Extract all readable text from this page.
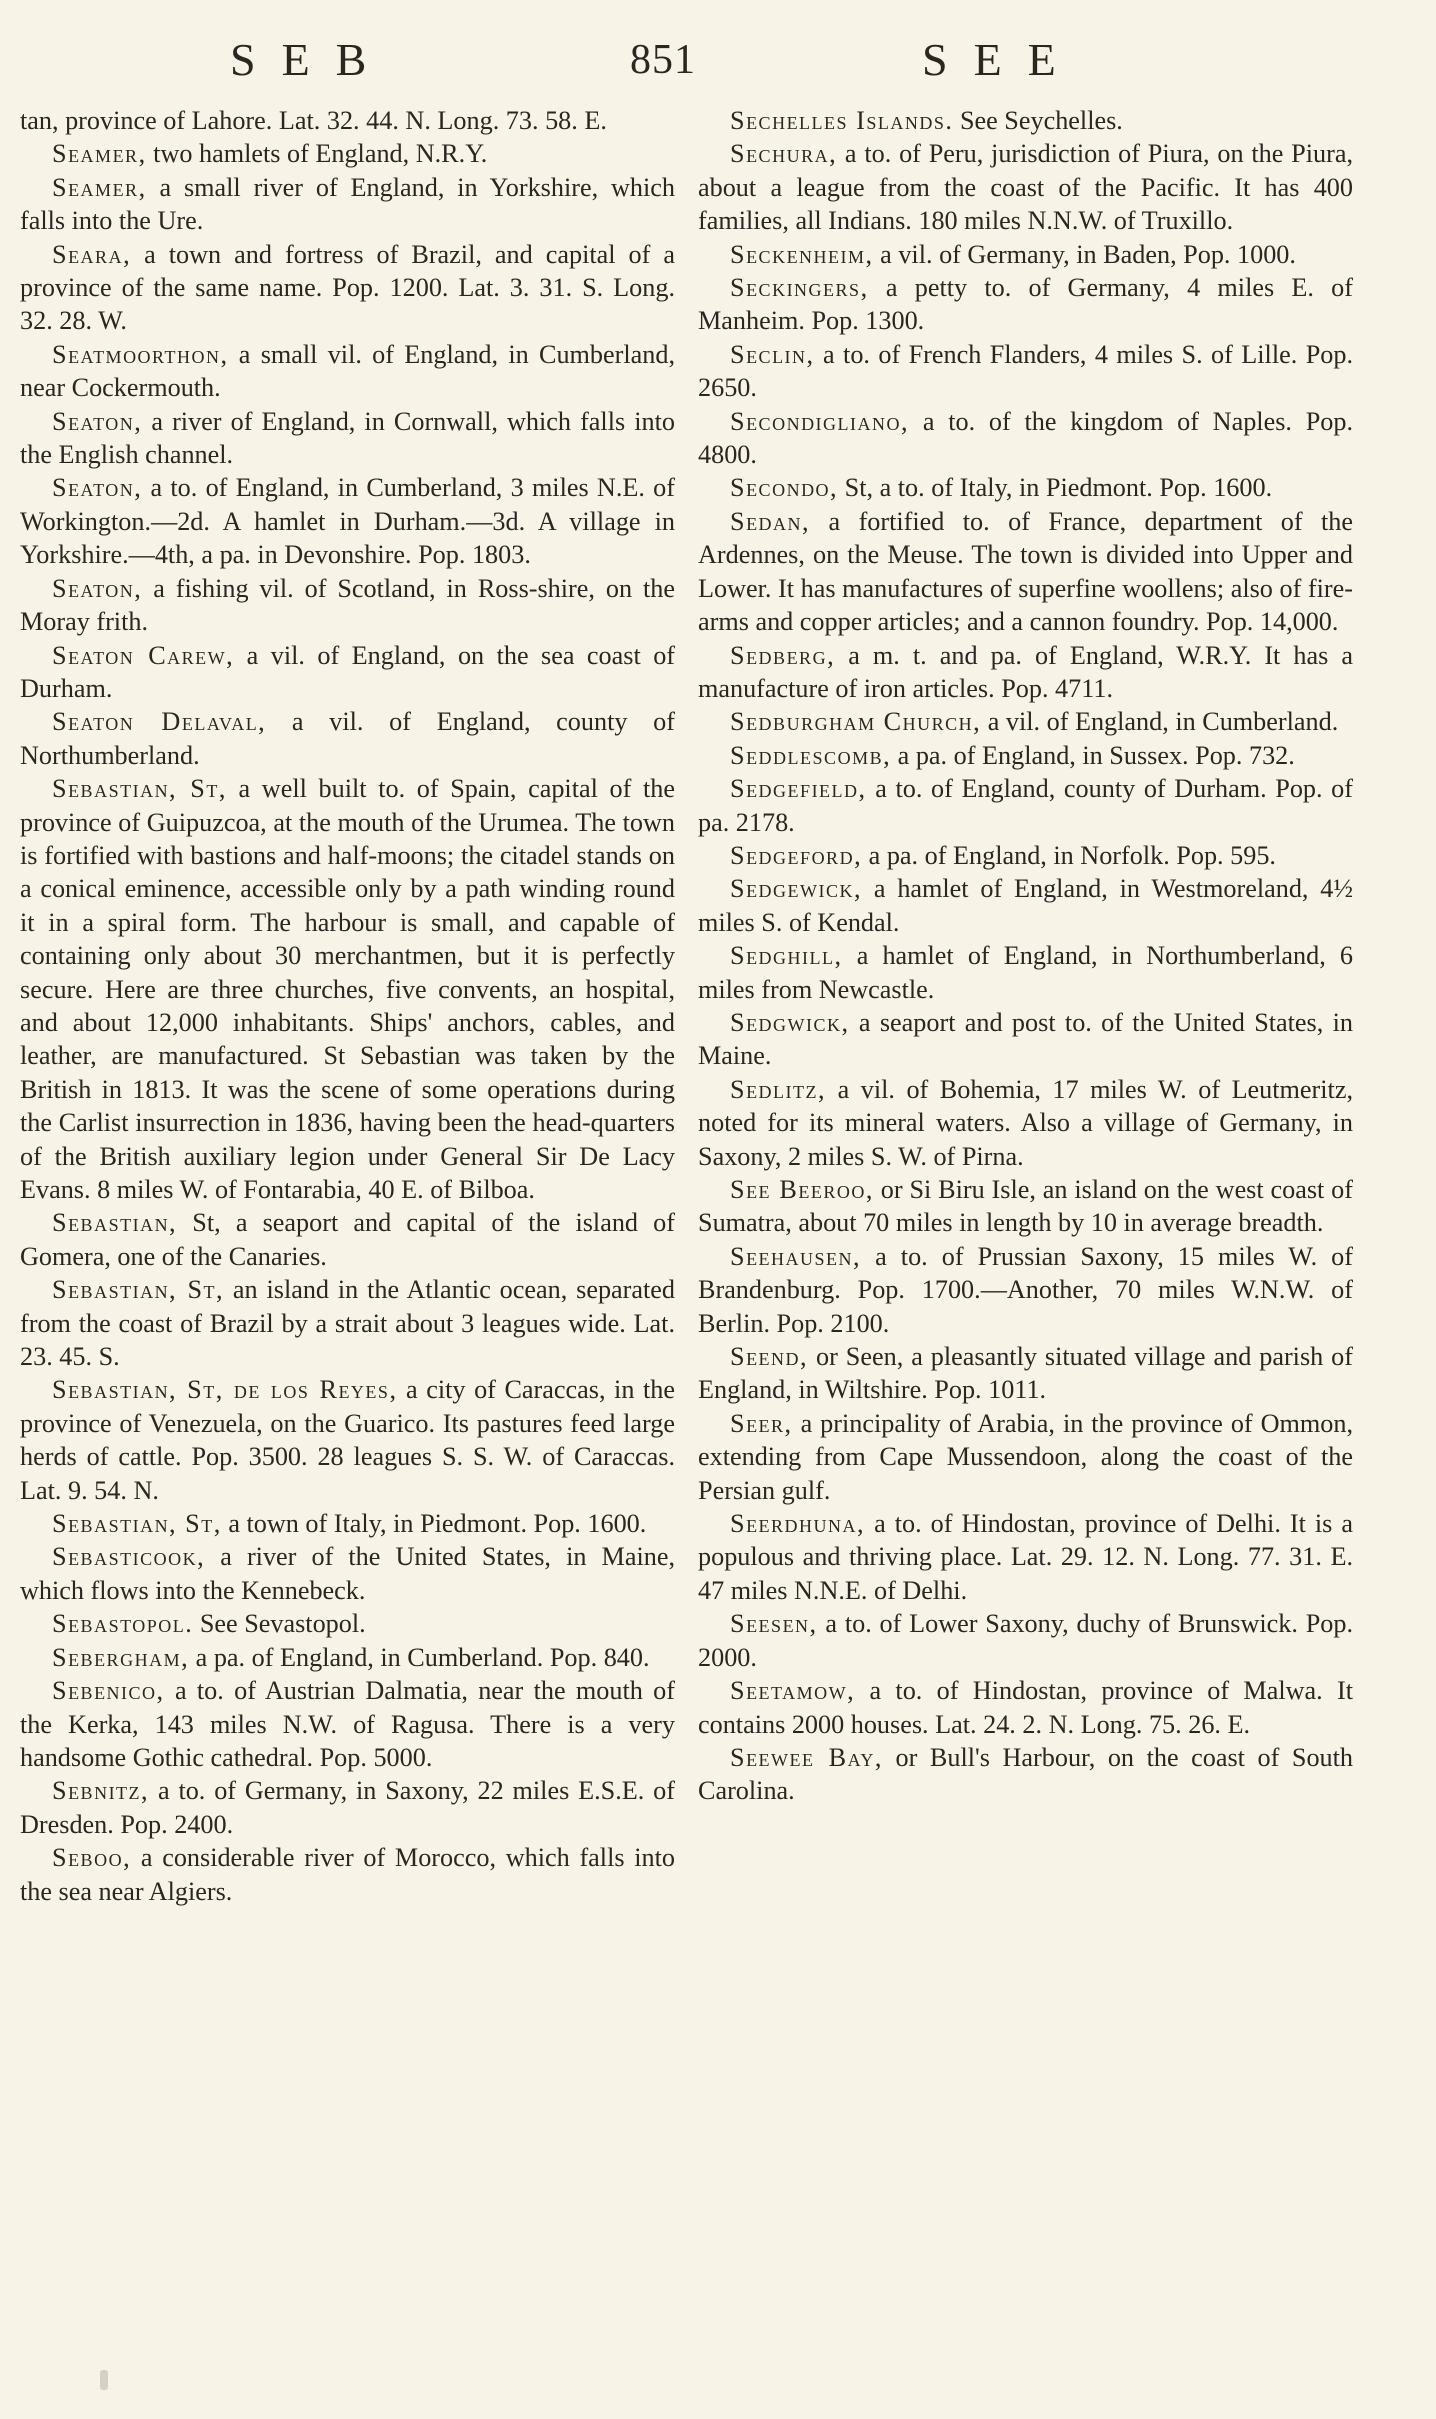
SEB	851	SEE

tan, province of Lahore. Lat. 32. 44. N. Long. 73. 58. E.

Seamer, two hamlets of England, N.R.Y.

Seamer, a small river of England, in Yorkshire, which falls into the Ure.

Seara, a town and fortress of Brazil, and capital of a province of the same name. Pop. 1200. Lat. 3. 31. S. Long. 32. 28. W.

Seatmoorthon, a small vil. of England, in Cumberland, near Cockermouth.

Seaton, a river of England, in Cornwall, which falls into the English channel.

Seaton, a to. of England, in Cumberland, 3 miles N.E. of Workington.—2d. A hamlet in Durham.—3d. A village in Yorkshire.—4th, a pa. in Devonshire. Pop. 1803.

Seaton, a fishing vil. of Scotland, in Ross-shire, on the Moray frith.

Seaton Carew, a vil. of England, on the sea coast of Durham.

Seaton Delaval, a vil. of England, county of Northumberland.

Sebastian, St, a well built to. of Spain, capital of the province of Guipuzcoa, at the mouth of the Urumea. The town is fortified with bastions and half-moons; the citadel stands on a conical eminence, accessible only by a path winding round it in a spiral form. The harbour is small, and capable of containing only about 30 merchantmen, but it is perfectly secure. Here are three churches, five convents, an hospital, and about 12,000 inhabitants. Ships' anchors, cables, and leather, are manufactured. St Sebastian was taken by the British in 1813. It was the scene of some operations during the Carlist insurrection in 1836, having been the head-quarters of the British auxiliary legion under General Sir De Lacy Evans. 8 miles W. of Fontarabia, 40 E. of Bilboa.

Sebastian, St, a seaport and capital of the island of Gomera, one of the Canaries.

Sebastian, St, an island in the Atlantic ocean, separated from the coast of Brazil by a strait about 3 leagues wide. Lat. 23. 45. S.

Sebastian, St, de los Reyes, a city of Caraccas, in the province of Venezuela, on the Guarico. Its pastures feed large herds of cattle. Pop. 3500. 28 leagues S. S. W. of Caraccas. Lat. 9. 54. N.

Sebastian, St, a town of Italy, in Piedmont. Pop. 1600.

Sebasticook, a river of the United States, in Maine, which flows into the Kennebeck.

Sebastopol. See Sevastopol.

Sebergham, a pa. of England, in Cumberland. Pop. 840.

Sebenico, a to. of Austrian Dalmatia, near the mouth of the Kerka, 143 miles N.W. of Ragusa. There is a very handsome Gothic cathedral. Pop. 5000.

Sebnitz, a to. of Germany, in Saxony, 22 miles E.S.E. of Dresden. Pop. 2400.

Seboo, a considerable river of Morocco, which falls into the sea near Algiers.

Sechelles Islands. See Seychelles.

Sechura, a to. of Peru, jurisdiction of Piura, on the Piura, about a league from the coast of the Pacific. It has 400 families, all Indians. 180 miles N.N.W. of Truxillo.

Seckenheim, a vil. of Germany, in Baden, Pop. 1000.

Seckingers, a petty to. of Germany, 4 miles E. of Manheim. Pop. 1300.

Seclin, a to. of French Flanders, 4 miles S. of Lille. Pop. 2650.

Secondigliano, a to. of the kingdom of Naples. Pop. 4800.

Secondo, St, a to. of Italy, in Piedmont. Pop. 1600.

Sedan, a fortified to. of France, department of the Ardennes, on the Meuse. The town is divided into Upper and Lower. It has manufactures of superfine woollens; also of fire-arms and copper articles; and a cannon foundry. Pop. 14,000.

Sedberg, a m. t. and pa. of England, W.R.Y. It has a manufacture of iron articles. Pop. 4711.

Sedburgham Church, a vil. of England, in Cumberland.

Seddlescomb, a pa. of England, in Sussex. Pop. 732.

Sedgefield, a to. of England, county of Durham. Pop. of pa. 2178.

Sedgeford, a pa. of England, in Norfolk. Pop. 595.

Sedgewick, a hamlet of England, in Westmoreland, 4½ miles S. of Kendal.

Sedghill, a hamlet of England, in Northumberland, 6 miles from Newcastle.

Sedgwick, a seaport and post to. of the United States, in Maine.

Sedlitz, a vil. of Bohemia, 17 miles W. of Leutmeritz, noted for its mineral waters. Also a village of Germany, in Saxony, 2 miles S. W. of Pirna.

See Beeroo, or Si Biru Isle, an island on the west coast of Sumatra, about 70 miles in length by 10 in average breadth.

Seehausen, a to. of Prussian Saxony, 15 miles W. of Brandenburg. Pop. 1700.—Another, 70 miles W.N.W. of Berlin. Pop. 2100.

Seend, or Seen, a pleasantly situated village and parish of England, in Wiltshire. Pop. 1011.

Seer, a principality of Arabia, in the province of Ommon, extending from Cape Mussendoon, along the coast of the Persian gulf.

Seerdhuna, a to. of Hindostan, province of Delhi. It is a populous and thriving place. Lat. 29. 12. N. Long. 77. 31. E. 47 miles N.N.E. of Delhi.

Seesen, a to. of Lower Saxony, duchy of Brunswick. Pop. 2000.

Seetamow, a to. of Hindostan, province of Malwa. It contains 2000 houses. Lat. 24. 2. N. Long. 75. 26. E.

Seewee Bay, or Bull's Harbour, on the coast of South Carolina.
